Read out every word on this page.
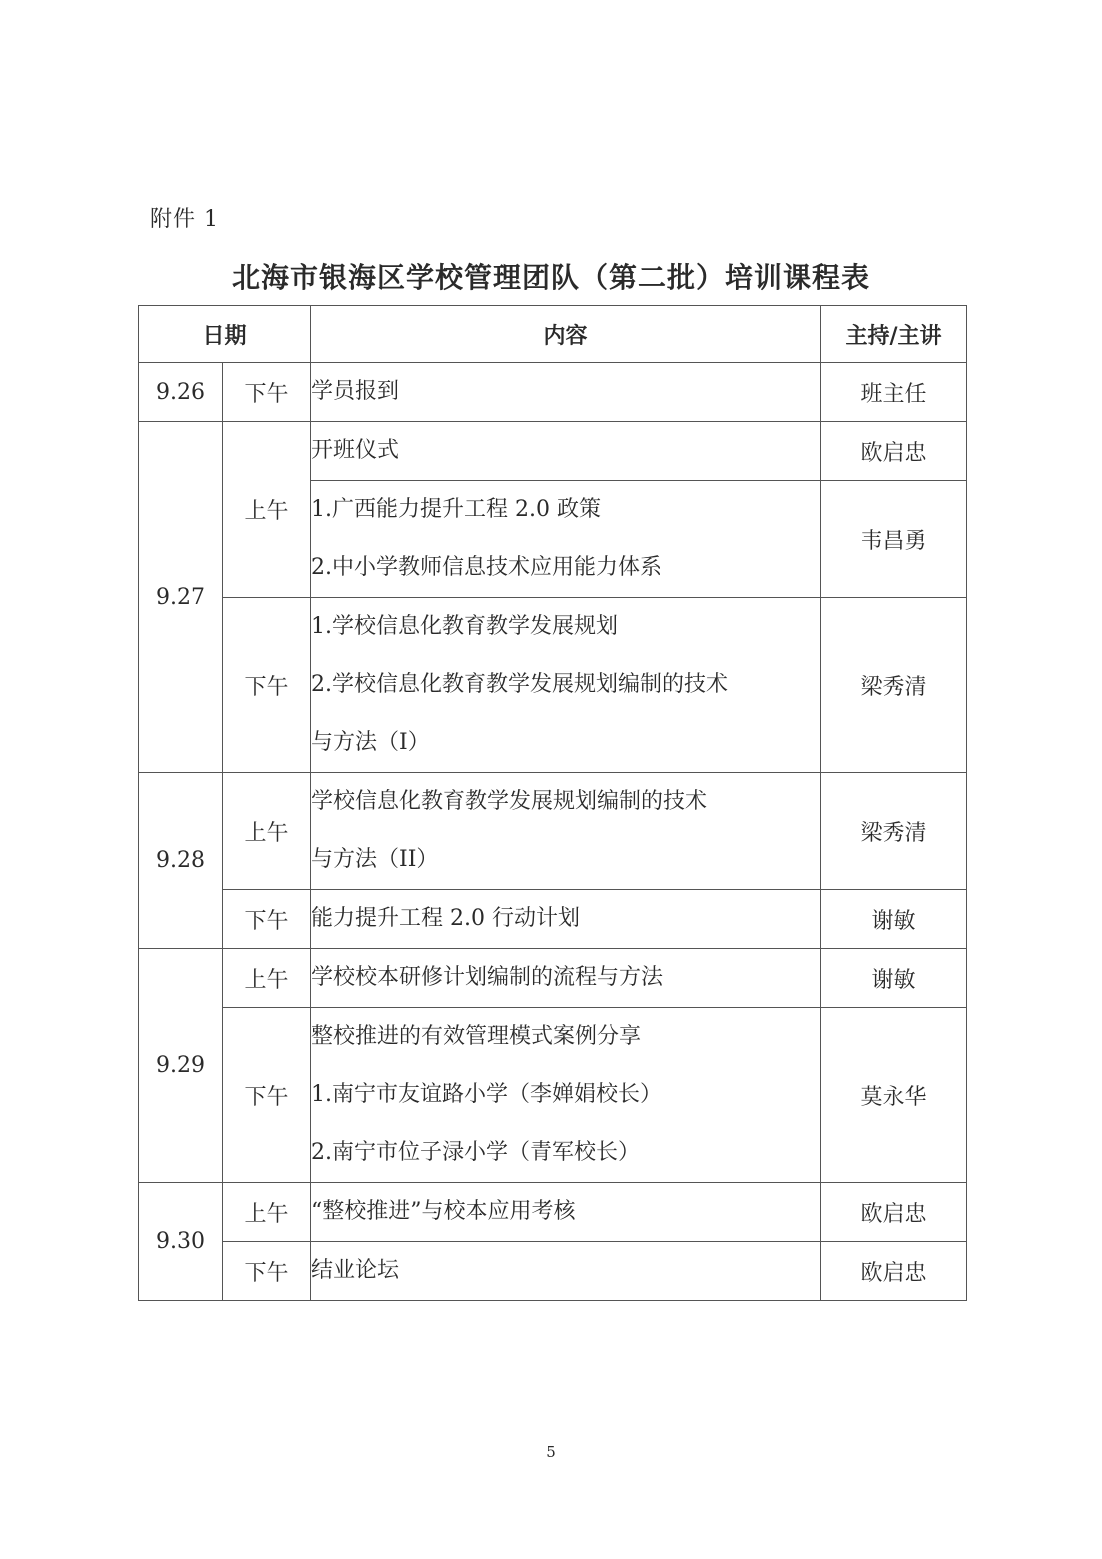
附件 1
北海市银海区学校管理团队（第二批）培训课程表
日期		内容	主持/主讲
9.26	下午	学员报到	班主任
9.27	上午	开班仪式	欧启忠

		1.广西能力提升工程 2.0 政策
2.中小学教师信息技术应用能力体系	韦昌勇
	下午	1.学校信息化教育教学发展规划
2.学校信息化教育教学发展规划编制的技术
与方法（I）	梁秀清
9.28	上午	学校信息化教育教学发展规划编制的技术
与方法（II）	梁秀清
	下午	能力提升工程 2.0 行动计划	谢敏
9.29	上午	学校校本研修计划编制的流程与方法	谢敏
	下午	整校推进的有效管理模式案例分享
1.南宁市友谊路小学（李婵娟校长）
2.南宁市位子渌小学（青军校长）	莫永华
9.30	上午	“整校推进”与校本应用考核	欧启忠
	下午	结业论坛	欧启忠
5
